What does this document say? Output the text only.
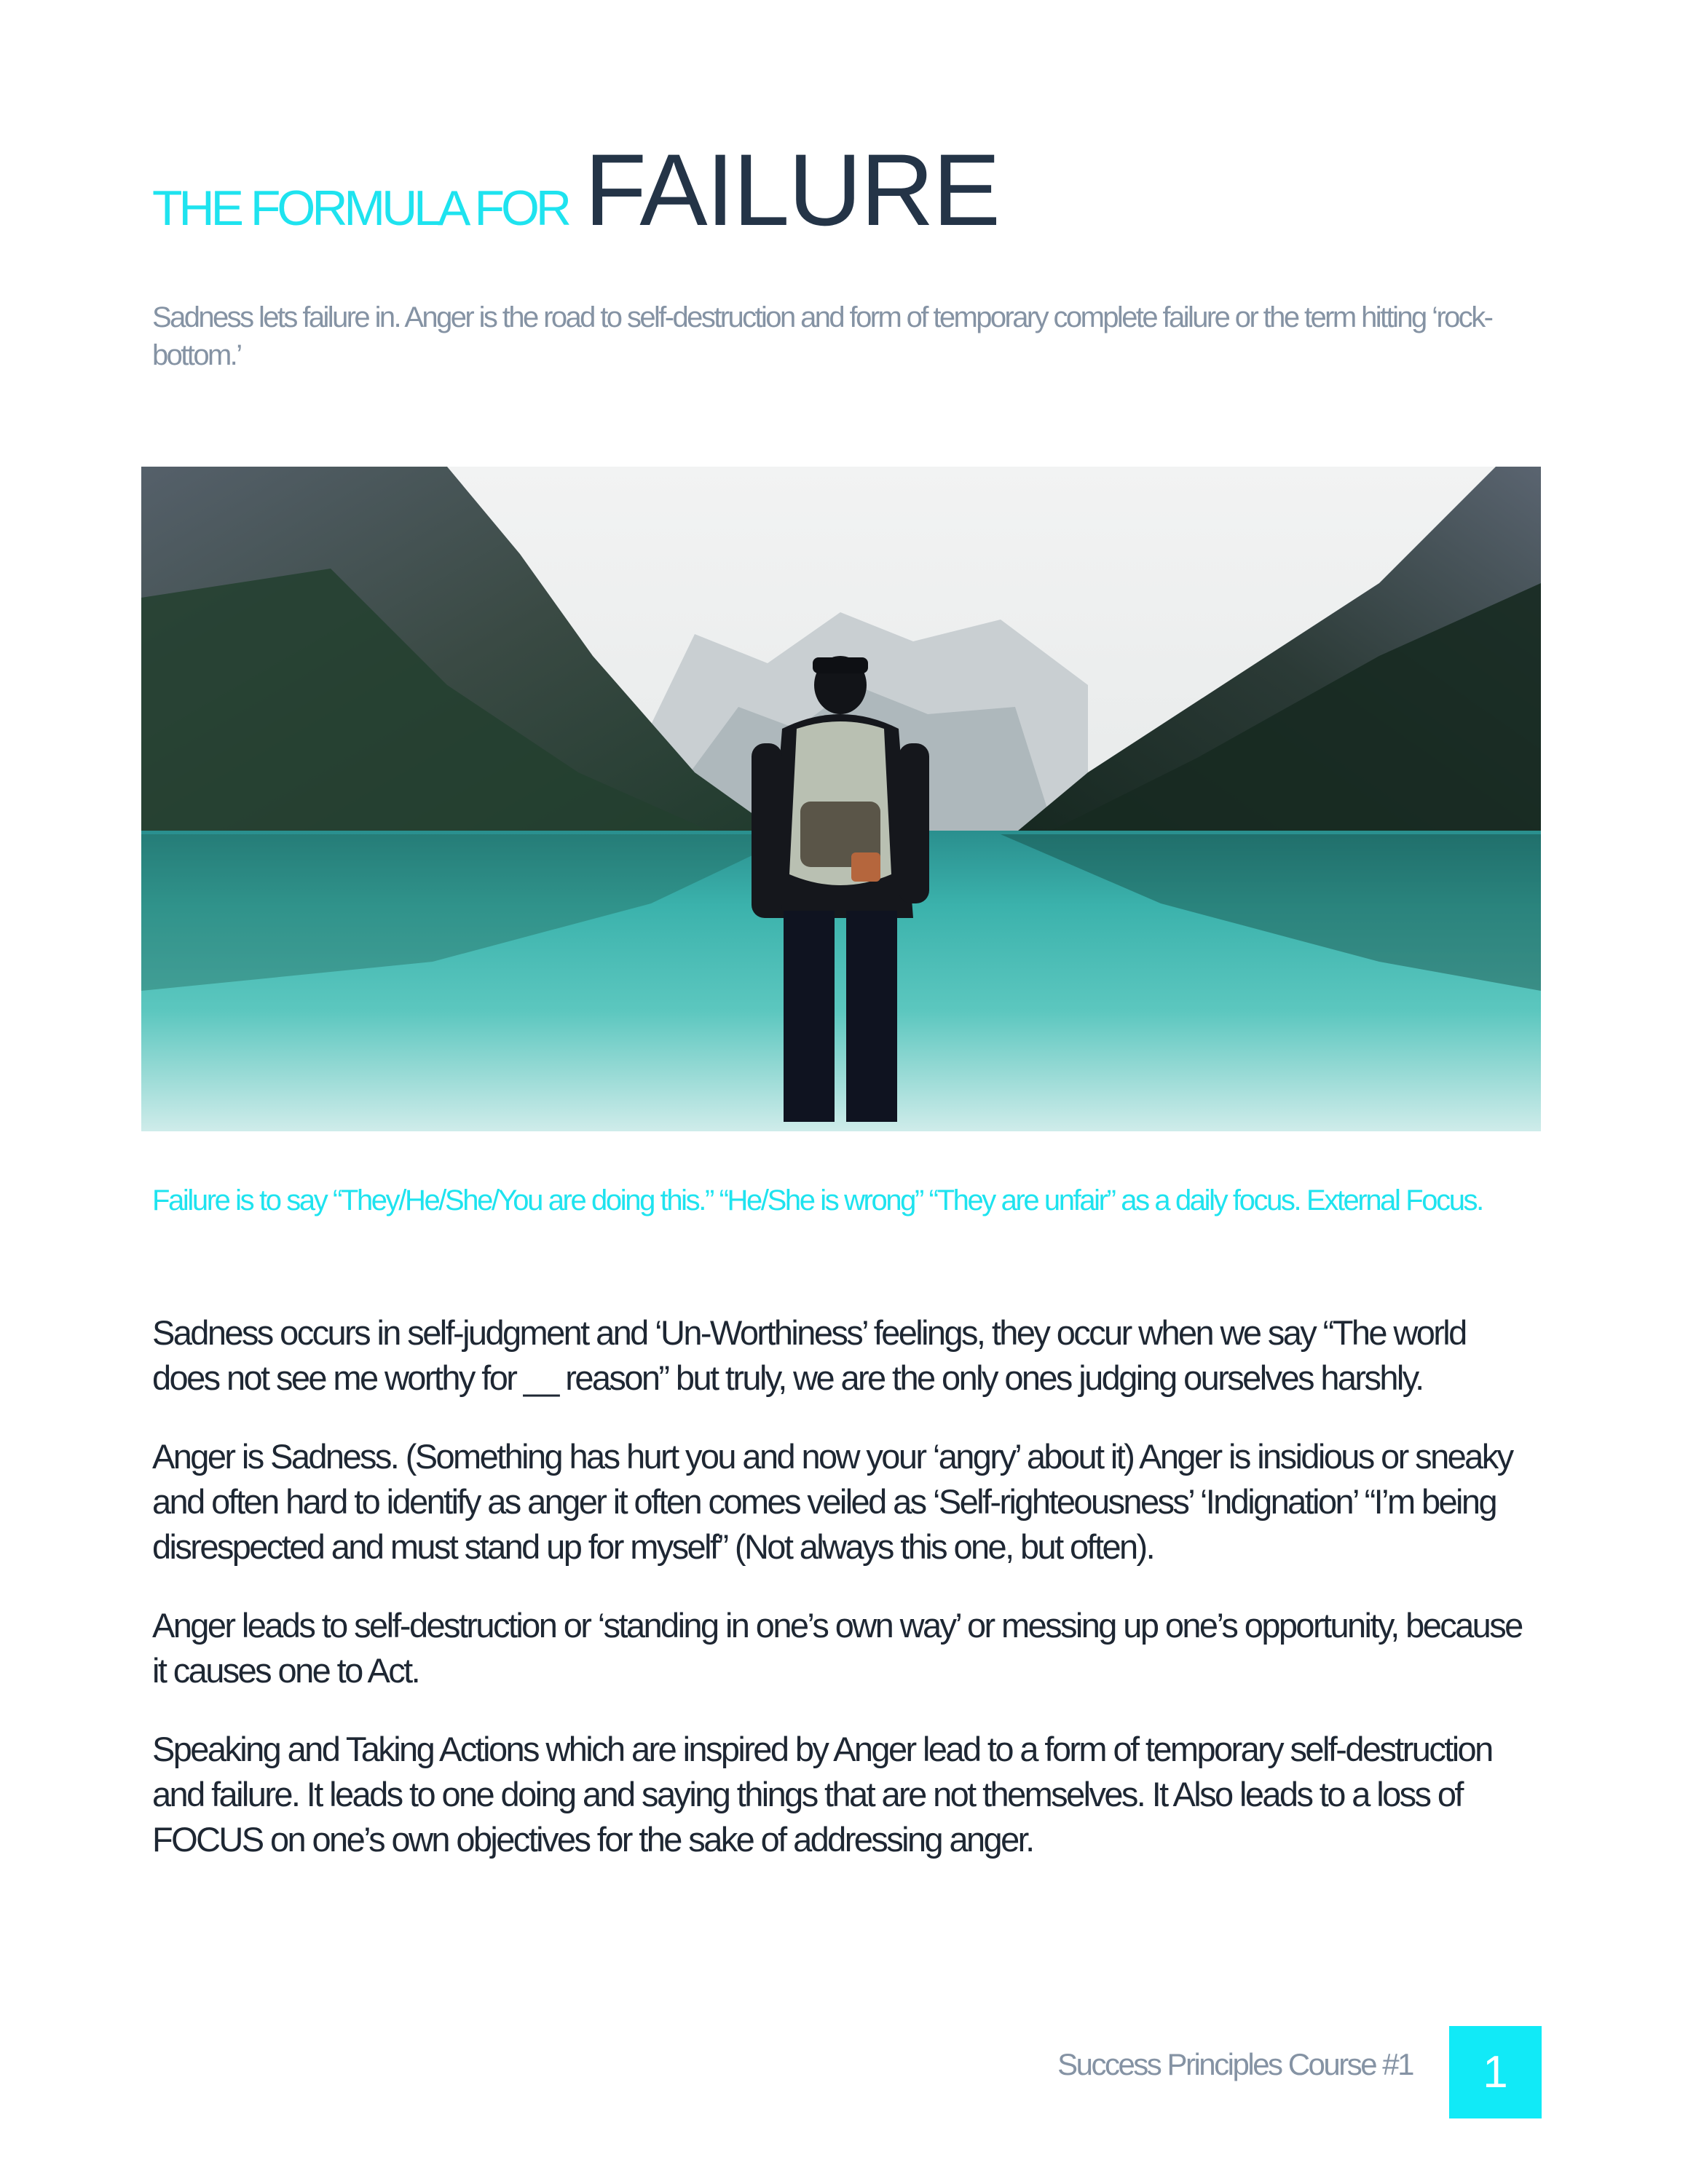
THE FORMULA FOR FAILURE

Sadness lets failure in. Anger is the road to self-destruction and form of temporary complete failure or the term hitting ‘rock-bottom.’

Failure is to say “They/He/She/You are doing this.” “He/She is wrong” “They are unfair” as a daily focus. External Focus.

Sadness occurs in self-judgment and ‘Un-Worthiness’ feelings, they occur when we say “The world does not see me worthy for __ reason” but truly, we are the only ones judging ourselves harshly.

Anger is Sadness. (Something has hurt you and now your ‘angry’ about it) Anger is insidious or sneaky and often hard to identify as anger it often comes veiled as ‘Self-righteousness’ ‘Indignation’ “I’m being disrespected and must stand up for myself” (Not always this one, but often).

Anger leads to self-destruction or ‘standing in one’s own way’ or messing up one’s opportunity, because it causes one to Act.

Speaking and Taking Actions which are inspired by Anger lead to a form of temporary self-destruction and failure. It leads to one doing and saying things that are not themselves. It Also leads to a loss of FOCUS on one’s own objectives for the sake of addressing anger.

Success Principles Course #1	1
